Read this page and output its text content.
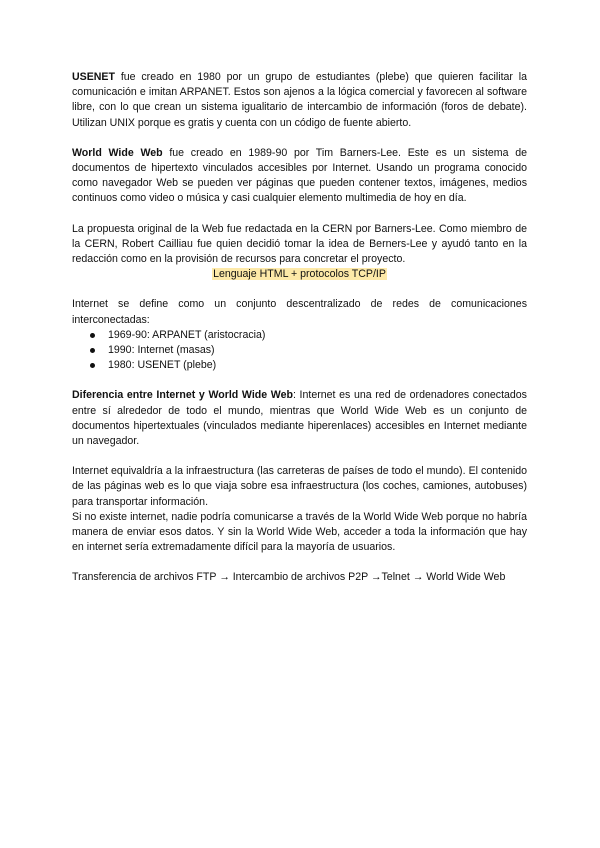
USENET fue creado en 1980 por un grupo de estudiantes (plebe) que quieren facilitar la comunicación e imitan ARPANET. Estos son ajenos a la lógica comercial y favorecen al software libre, con lo que crean un sistema igualitario de intercambio de información (foros de debate). Utilizan UNIX porque es gratis y cuenta con un código de fuente abierto.

World Wide Web fue creado en 1989-90 por Tim Barners-Lee. Este es un sistema de documentos de hipertexto vinculados accesibles por Internet. Usando un programa conocido como navegador Web se pueden ver páginas que pueden contener textos, imágenes, medios continuos como video o música y casi cualquier elemento multimedia de hoy en día.

La propuesta original de la Web fue redactada en la CERN por Barners-Lee. Como miembro de la CERN, Robert Cailliau fue quien decidió tomar la idea de Berners-Lee y ayudó tanto en la redacción como en la provisión de recursos para concretar el proyecto.

Lenguaje HTML + protocolos TCP/IP

Internet se define como un conjunto descentralizado de redes de comunicaciones interconectadas:

1969-90: ARPANET (aristocracia)
1990: Internet (masas)
1980: USENET (plebe)

Diferencia entre Internet y World Wide Web: Internet es una red de ordenadores conectados entre sí alrededor de todo el mundo, mientras que World Wide Web es un conjunto de documentos hipertextuales (vinculados mediante hiperenlaces) accesibles en Internet mediante un navegador.

Internet equivaldría a la infraestructura (las carreteras de países de todo el mundo). El contenido de las páginas web es lo que viaja sobre esa infraestructura (los coches, camiones, autobuses) para transportar información.

Si no existe internet, nadie podría comunicarse a través de la World Wide Web porque no habría manera de enviar esos datos. Y sin la World Wide Web, acceder a toda la información que hay en internet sería extremadamente difícil para la mayoría de usuarios.

Transferencia de archivos FTP → Intercambio de archivos P2P →Telnet → World Wide Web
